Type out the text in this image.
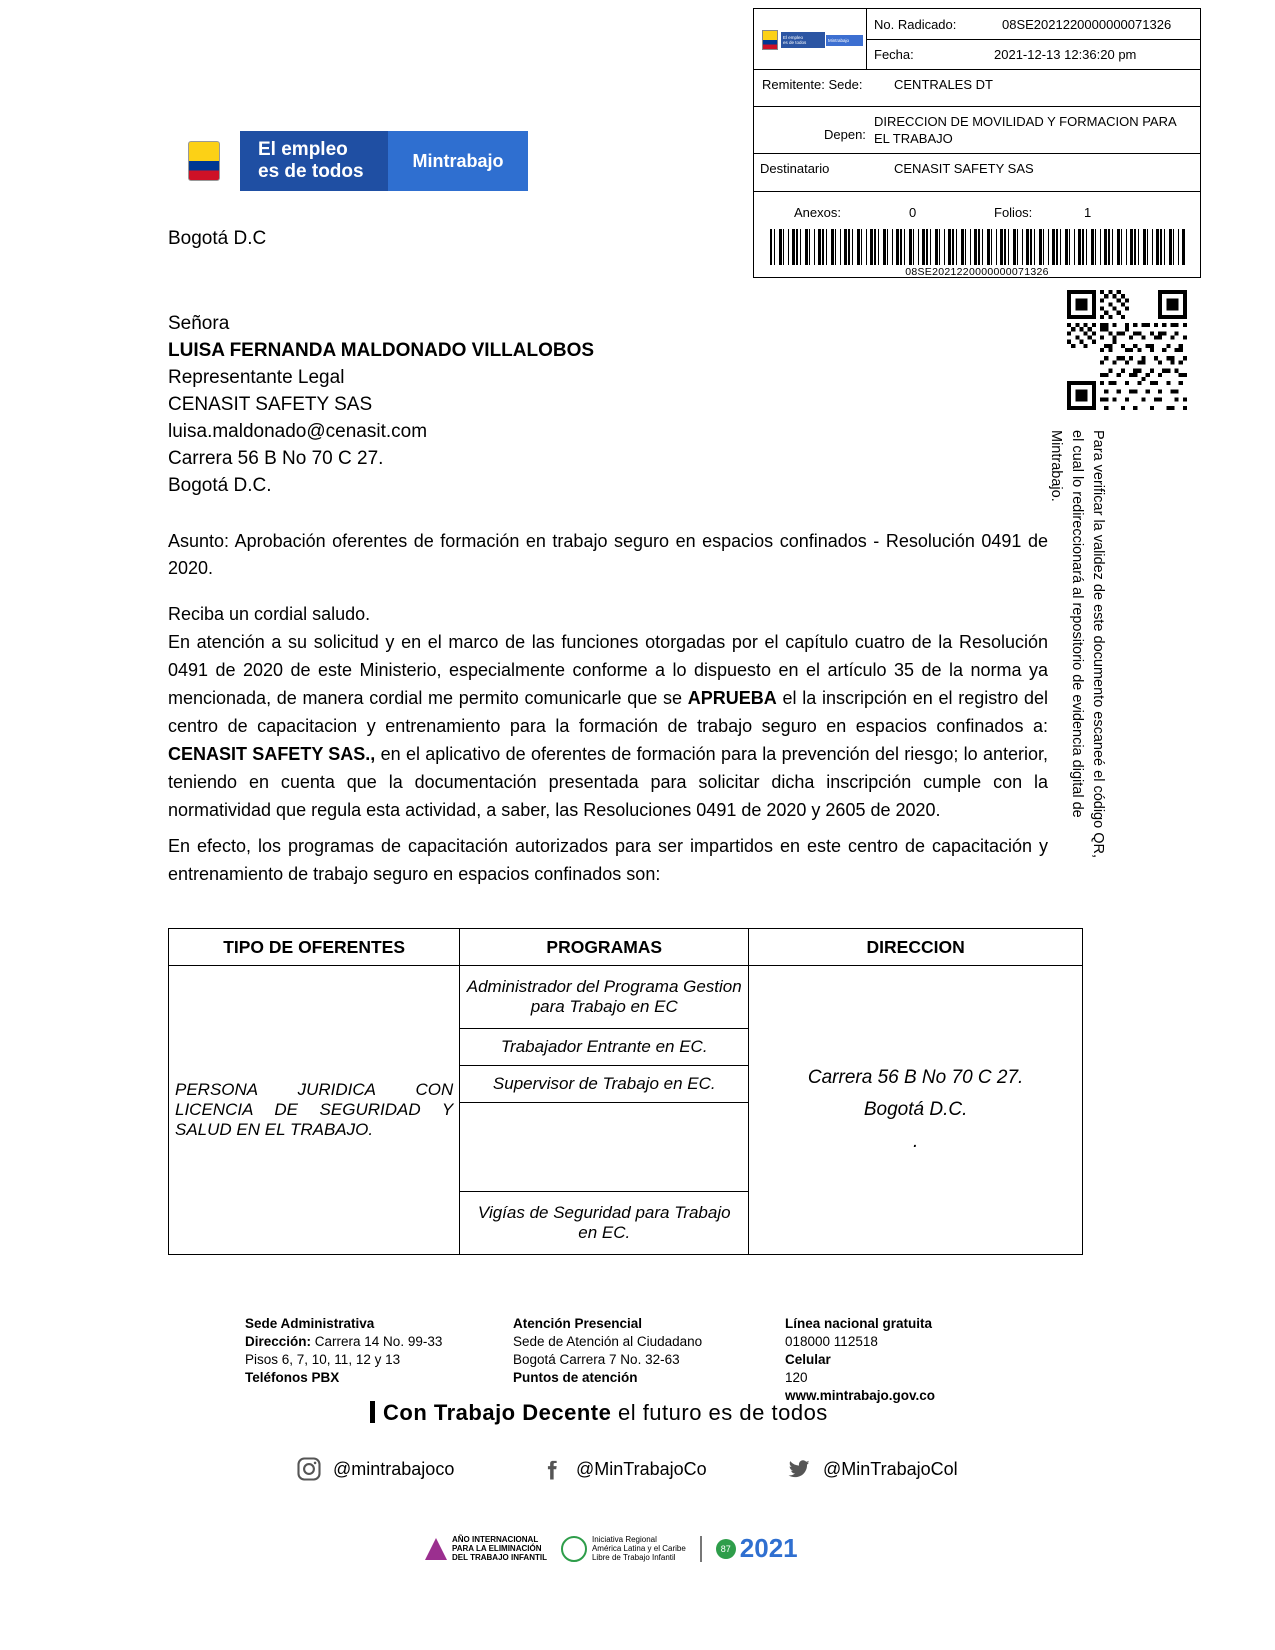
El empleo
es de todos	Mintrabajo
No. Radicado:	08SE2021220000000071326
Fecha:	2021-12-13 12:36:20 pm
Remitente: Sede: CENTRALES DT
Depen:
DIRECCION DE MOVILIDAD Y FORMACION PARA EL TRABAJO
Destinatario	CENASIT SAFETY SAS
Anexos:	0	Folios:	1
08SE2021220000000071326
Para verificar la validez de este documento escaneé el código QR, el cual lo redireccionará al repositorio de evidencia digital de Mintrabajo.
El empleo
es de todos
Mintrabajo
Bogotá D.C
Señora
LUISA FERNANDA MALDONADO VILLALOBOS
Representante Legal
CENASIT SAFETY SAS
luisa.maldonado@cenasit.com
Carrera 56 B No 70 C 27.
Bogotá D.C.
Asunto: Aprobación oferentes de formación en trabajo seguro en espacios confinados - Resolución 0491 de 2020.
Reciba un cordial saludo.
En atención a su solicitud y en el marco de las funciones otorgadas por el capítulo cuatro de la Resolución 0491 de 2020 de este Ministerio, especialmente conforme a lo dispuesto en el artículo 35 de la norma ya mencionada, de manera cordial me permito comunicarle que se APRUEBA el la inscripción en el registro del centro de capacitacion y entrenamiento para la formación de trabajo seguro en espacios confinados a: CENASIT SAFETY SAS., en el aplicativo de oferentes de formación para la prevención del riesgo; lo anterior, teniendo en cuenta que la documentación presentada para solicitar dicha inscripción cumple con la normatividad que regula esta actividad, a saber, las Resoluciones 0491 de 2020 y 2605 de 2020.
En efecto, los programas de capacitación autorizados para ser impartidos en este centro de capacitación y entrenamiento de trabajo seguro en espacios confinados son:
TIPO DE OFERENTES	PROGRAMAS	DIRECCION
PERSONA JURIDICA CON LICENCIA DE SEGURIDAD Y SALUD EN EL TRABAJO.	Administrador del Programa Gestion para Trabajo en EC	Carrera 56 B No 70 C 27.
Bogotá D.C.
.

	Trabajador Entrante en EC.	
	Supervisor de Trabajo en EC.	

	Vigías de Seguridad para Trabajo en EC.	
Sede Administrativa
Dirección: Carrera 14 No. 99-33
Pisos 6, 7, 10, 11, 12 y 13
Teléfonos PBX
Atención Presencial
Sede de Atención al Ciudadano
Bogotá Carrera 7 No. 32-63
Puntos de atención
Línea nacional gratuita
018000 112518
Celular
120
www.mintrabajo.gov.co
Con Trabajo Decente el futuro es de todos
@mintrabajoco	@MinTrabajoCo	@MinTrabajoCol
AÑO INTERNACIONAL
PARA LA ELIMINACIÓN
DEL TRABAJO INFANTIL
Iniciativa Regional
América Latina y el Caribe
Libre de Trabajo Infantil
87 2021
